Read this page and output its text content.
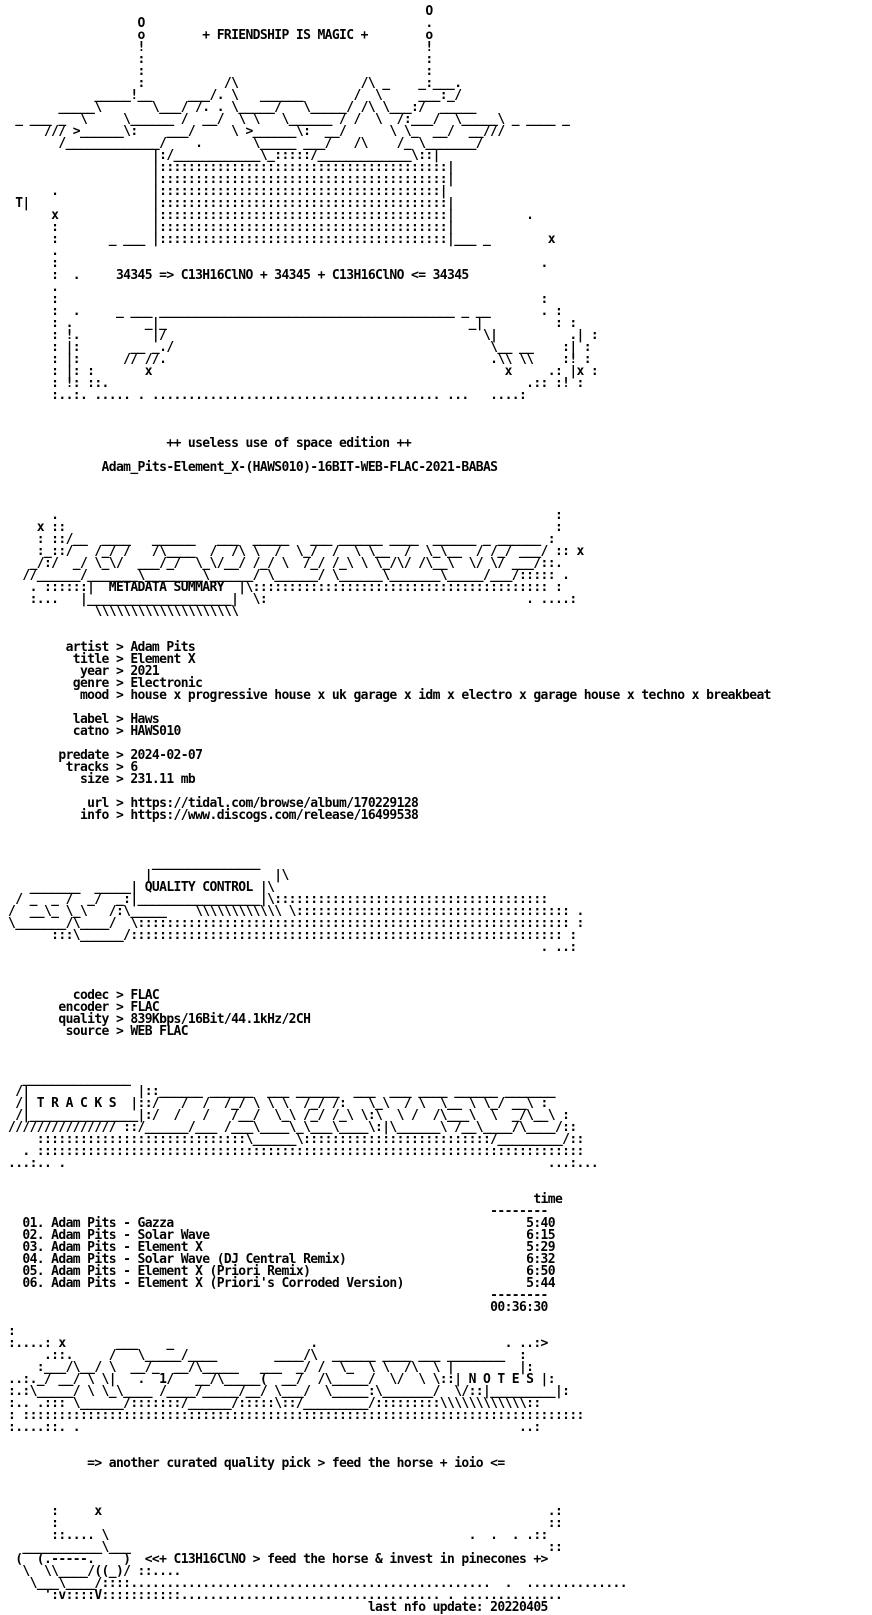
O
O                                       .
o        + FRIENDSHIP IS MAGIC +        o
!                                       !
:                                       :
:                                       :
:           /\                 /\ _    _:___.
_____!__     ___/. \   ______       /  \     ___:_/
_____\       \___/ /. . \_____/   \_____/ /\ \___:/  _____
_ ___ _  \     \______ /  __/  \ \   \______ / /  \  /:___/  \_____\ _ ____ _
/// >______\:    ___/     \ >______\:  __/      \ \_  __/  __///
/_____________/    .       \_____ ___/   /\    /_ \_______/
|:/____________\_:::::/_____________\::|
|::::::::::::::::::::::::::::::::::::::::|
|::::::::::::::::::::::::::::::::::::::::|
.             |:::::::::::::::::::::::::::::::::::::::|
T|                 |::::::::::::::::::::::::::::::::::::::::|
x             |::::::::::::::::::::::::::::::::::::::::|          .
:             |::::::::::::::::::::::::::::::::::::::::|
:       _ ___ |::::::::::::::::::::::::::::::::::::::::|___ _        x
.
:                                                                   .
:  .     34345 => C13H16ClNO + 34345 + C13H16ClNO <= 34345
.
:                                                                   :
:  .     _ ___ _________________________________________ _ __       . :
: .          _|_                                          _|          : :
: !.          |/                                            \|          .| :
: |:       __ _./                                            \__ __    :| :
: |:      // //.                                             .\\ \\    :! :
: |: :       x                                                 x     .: |x :
: !: ::.                                                          .:: :! :
:..:. ..... . ........................................ ...   ....:
++ useless use of space edition ++
Adam_Pits-Element_X-(HAWS010)-16BIT-WEB-FLAC-2021-BABAS
.                                                                     :
x ::                                                                    :
: ::/__  ____   ______   ___  _____   ___ ______ ____  ______ _ ______ :
:_::/   /_/ /   /\____  /  /\ \  /  \_/  /  \ \__  /  \_\__  / /_/ ___/ :: x
_/:/  _/ \_\/  ___/_/  \_\/__/ /_/ \  /_/ /_\ \ \_/\/ /\__\  \/ \/ ___/::.
//______/_______\________\______/ \______/ \______\_______\_____/___/::::: .
. ::::::|  METADATA SUMMARY  |\::::::::::::::::::::::::::::::::::::::::: :
:...   |____________________|  \:                                    . ....:
\\\\\\\\\\\\\\\\\\\\
artist > Adam Pits
title > Element X
year > 2021
genre > Electronic
mood > house x progressive house x uk garage x idm x electro x garage house x techno x breakbeat
label > Haws
catno > HAWS010
predate > 2024-02-07
tracks > 6
size > 231.11 mb
url > https://tidal.com/browse/album/170229128
info > https://www.discogs.com/release/16499538
_______________
|                 |\
_______  _____| QUALITY CONTROL |\
/ _  _ /  _/  _:|_________________|\::::::::::::::::::::::::::::::::::::::
/  __\_ \_\   /:\_____    \\\\\\\\\\\\ \:::::::::::::::::::::::::::::::::::::: .
\_______/\____/  \:::::::::::::::::::::::::::::::::::::::::::::::::::::::::::: :
:::\______/:::::::::::::::::::::::::::::::::::::::::::::::::::::::::::: :
. ..:
codec > FLAC
encoder > FLAC
quality > 839Kbps/16Bit/44.1kHz/2CH
source > WEB FLAC
_______________
/|               |::______ ______  ___ ______  ___  ___ ____ ______ _______
/| T R A C K S  |::/   /  /  /_/ \ \ \  /_/ /:   \_\  / \  \__ \ \_/ __\ :
/|_______________|:/  /   /   /__/  \_\ /_/ /_\ \:\  \ /  /\___\  \  _/\__\ :
/////////////// ::/______/___ /___\____\_\___\____\:|\______\ /__\____/\____/::
:::::::::::::::::::::::::::::\______\::::::::::::::::::::::::::/_________/::
. ::::::::::::::::::::::::::::::::::::::::::::::::::::::::::::::::::::::::::::
...:.. .                                                                   ...:...
time
--------
01. Adam Pits - Gazza                                                 5:40
02. Adam Pits - Solar Wave                                            6:15
03. Adam Pits - Element X                                             5:29
04. Adam Pits - Solar Wave (DJ Central Remix)                         6:32
05. Adam Pits - Element X (Priori Remix)                              6:50
06. Adam Pits - Element X (Priori's Corroded Version)                 5:44
--------
00:36:30
:
:....: x       ___    _                   .                          . ..:>
.::.     /   \_____/____        ____/\  ______ ____ ___ ________  :
:___/\__/ \  __/_  __/\_____   ___  _/ /  \_  \ \  /\  \ |         |:
..:._/ __/ \ \|   .  1/   __/\_____(  __/  /\_____/  \/  \ \::| N O T E S |:
:.:\_____/ \ \_\____ /____/_____/__/ \___/  \_____:\_______/  \/::|_________|:
:.. .::: \______/:::::::/______/:::::\::/_________/:::::::::\\\\\\\\\\\\::
: ::::::::::::::::::::::::::::::::::::::::::::::::::::::::::::::::::::::::::::::
:....::. .                                                             ..:
=> another curated quality pick > feed the horse + ioio <=
:     x                                                              .:
:                                                                    ::
::.... \                                                  .  .  . .::
___________\___                                                          ::
(  (.-----.    )  <<+ C13H16ClNO > feed the horse & invest in pinecones +>
\  \\____/((_)/ ::....
\___\____/::::..................................................  .  ..............
':v::::V:::::::::::.................................... . ..............
last nfo update: 20220405
